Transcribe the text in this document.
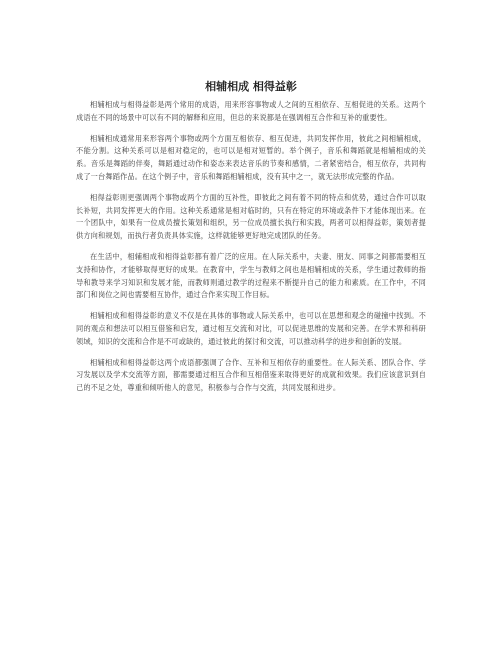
相辅相成 相得益彰

相辅相成与相得益彰是两个常用的成语，用来形容事物或人之间的互相依存、互相促进的关系。这两个成语在不同的场景中可以有不同的解释和应用，但总的来说都是在强调相互合作和互补的重要性。

相辅相成通常用来形容两个事物或两个方面互相依存、相互促进，共同发挥作用，彼此之间相辅相成，不能分割。这种关系可以是相对稳定的，也可以是相对短暂的。举个例子，音乐和舞蹈就是相辅相成的关系。音乐是舞蹈的伴奏，舞蹈通过动作和姿态来表达音乐的节奏和感情，二者紧密结合，相互依存，共同构成了一台舞蹈作品。在这个例子中，音乐和舞蹈相辅相成，没有其中之一，就无法形成完整的作品。

相得益彰则更强调两个事物或两个方面的互补性，即彼此之间有着不同的特点和优势，通过合作可以取长补短，共同发挥更大的作用。这种关系通常是相对临时的，只有在特定的环境或条件下才能体现出来。在一个团队中，如果有一位成员擅长策划和组织，另一位成员擅长执行和实践，两者可以相得益彰，策划者提供方向和规划，而执行者负责具体实施，这样就能够更好地完成团队的任务。

在生活中，相辅相成和相得益彰都有着广泛的应用。在人际关系中，夫妻、朋友、同事之间都需要相互支持和协作，才能够取得更好的成果。在教育中，学生与教师之间也是相辅相成的关系，学生通过教师的指导和教导来学习知识和发展才能，而教师则通过教学的过程来不断提升自己的能力和素质。在工作中，不同部门和岗位之间也需要相互协作，通过合作来实现工作目标。

相辅相成和相得益彰的意义不仅是在具体的事物或人际关系中，也可以在思想和观念的碰撞中找到。不同的观点和想法可以相互借鉴和启发，通过相互交流和对比，可以促进思维的发展和完善。在学术界和科研领域，知识的交流和合作是不可或缺的，通过彼此的探讨和交流，可以推动科学的进步和创新的发展。

相辅相成和相得益彰这两个成语都强调了合作、互补和互相依存的重要性。在人际关系、团队合作、学习发展以及学术交流等方面，都需要通过相互合作和互相借鉴来取得更好的成就和效果。我们应该意识到自己的不足之处，尊重和倾听他人的意见，积极参与合作与交流，共同发展和进步。
